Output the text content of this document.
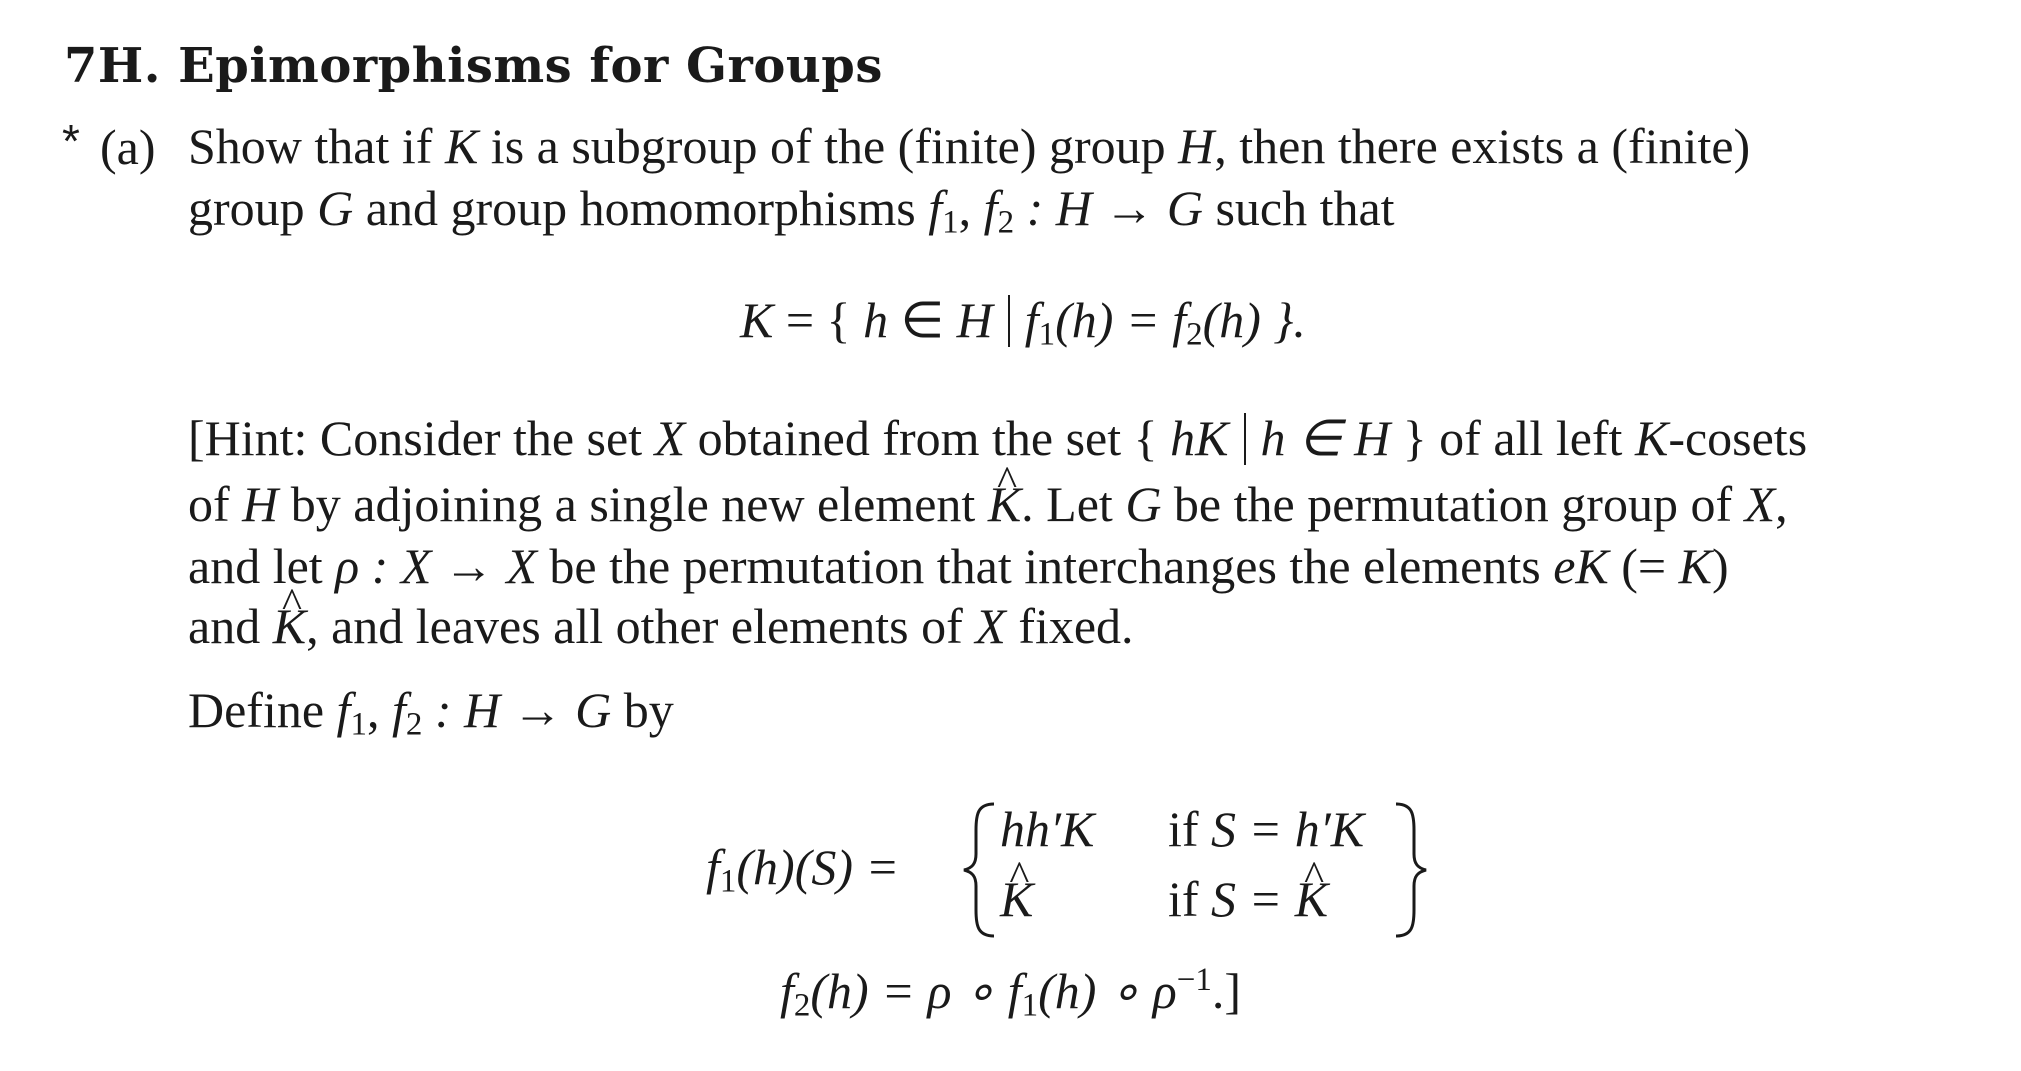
7H. Epimorphisms for Groups
* (a) Show that if K is a subgroup of the (finite) group H, then there exists a (finite)
group G and group homomorphisms $f_1$, $f_2$ : H → G such that
K = { h ∈ H $f_1(h) = f_2(h)$ }.
[Hint: Consider the set X obtained from the set { hK h ∈ H } of all left K-cosets
of H by adjoining a single new element ^ K. Let G be the permutation group of X,
and let ρ : X → X be the permutation that interchanges the elements eK (= K)
and ^ K, and leaves all other elements of X fixed.
Define $f_1$, $f_2$ : H → G by
$f_1(h)(S)$ =
hh′K if S = h′K
^ K	if S = ^ K
$f_2(h) = \rho$ ∘ $f_1(h)$ ∘ $\rho^{-1}$.]
